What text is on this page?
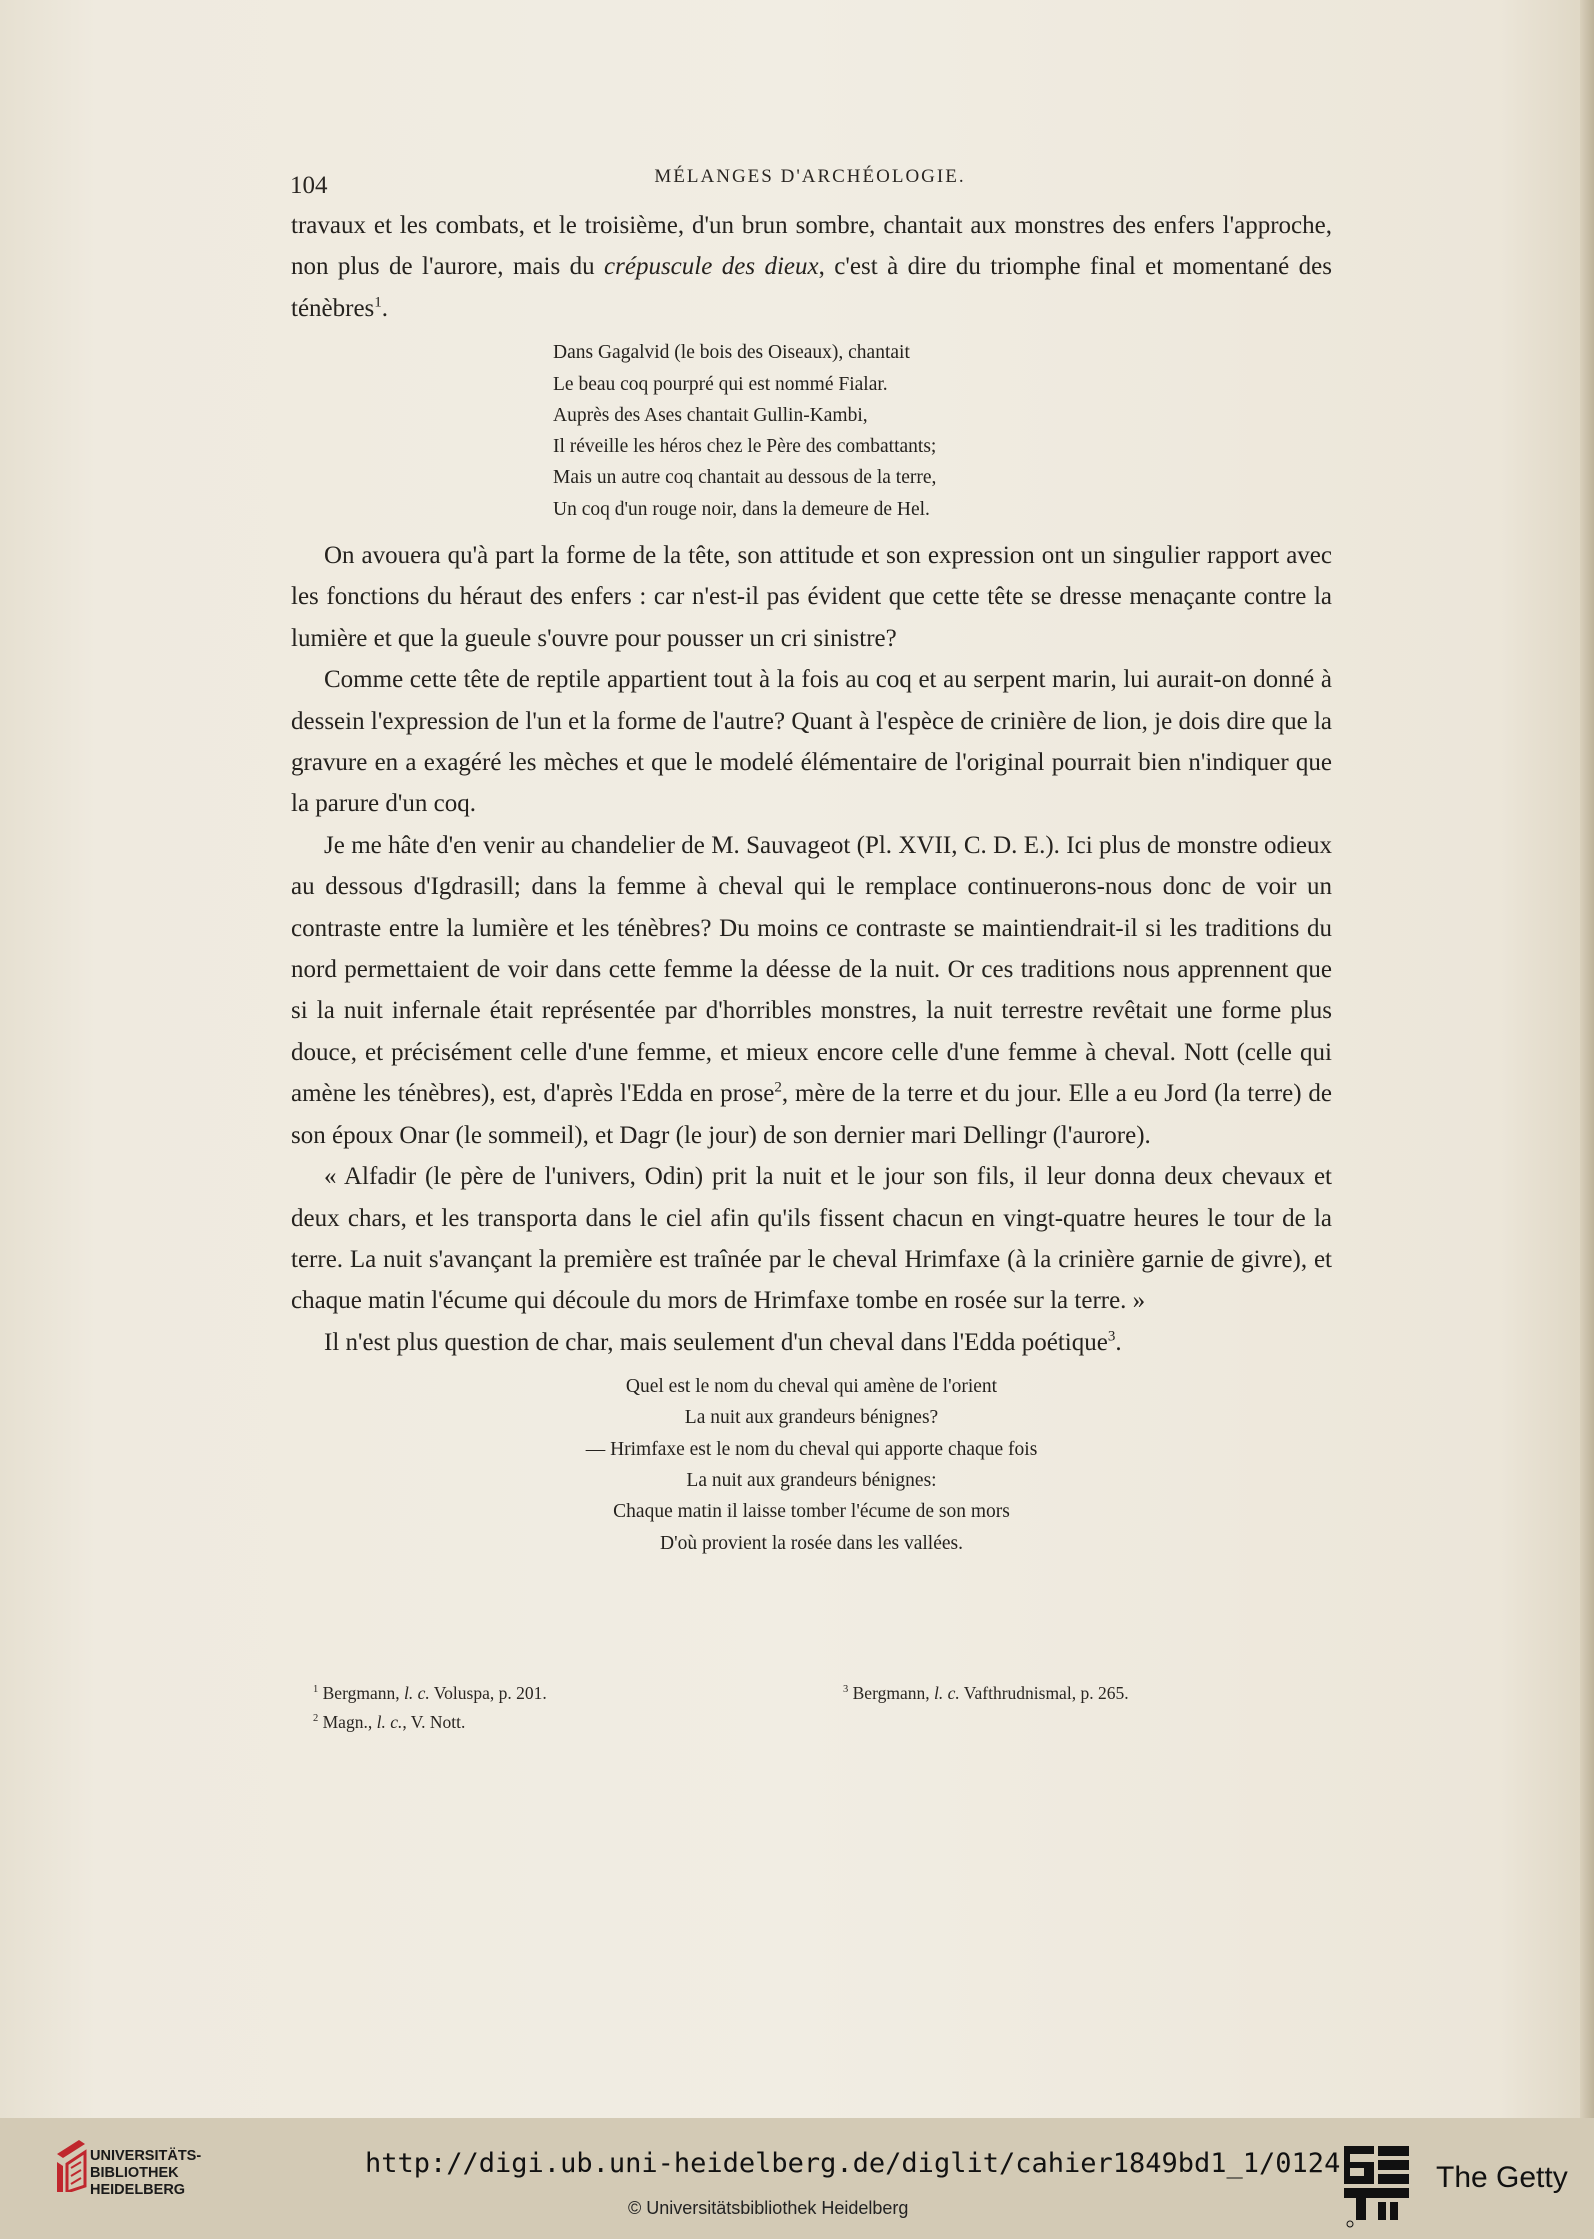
104	MÉLANGES D'ARCHÉOLOGIE.

travaux et les combats, et le troisième, d'un brun sombre, chantait aux monstres des enfers l'approche, non plus de l'aurore, mais du crépuscule des dieux, c'est à dire du triomphe final et momentané des ténèbres$^1$.

Dans Gagalvid (le bois des Oiseaux), chantait
Le beau coq pourpré qui est nommé Fialar.
Auprès des Ases chantait Gullin-Kambi,
Il réveille les héros chez le Père des combattants;
Mais un autre coq chantait au dessous de la terre,
Un coq d'un rouge noir, dans la demeure de Hel.

On avouera qu'à part la forme de la tête, son attitude et son expression ont un singulier rapport avec les fonctions du héraut des enfers : car n'est-il pas évident que cette tête se dresse menaçante contre la lumière et que la gueule s'ouvre pour pousser un cri sinistre?

Comme cette tête de reptile appartient tout à la fois au coq et au serpent marin, lui aurait-on donné à dessein l'expression de l'un et la forme de l'autre? Quant à l'espèce de crinière de lion, je dois dire que la gravure en a exagéré les mèches et que le modelé élémentaire de l'original pourrait bien n'indiquer que la parure d'un coq.

Je me hâte d'en venir au chandelier de M. Sauvageot (Pl. XVII, C. D. E.). Ici plus de monstre odieux au dessous d'Igdrasill; dans la femme à cheval qui le remplace continuerons-nous donc de voir un contraste entre la lumière et les ténèbres? Du moins ce contraste se maintiendrait-il si les traditions du nord permettaient de voir dans cette femme la déesse de la nuit. Or ces traditions nous apprennent que si la nuit infernale était représentée par d'horribles monstres, la nuit terrestre revêtait une forme plus douce, et précisément celle d'une femme, et mieux encore celle d'une femme à cheval. Nott (celle qui amène les ténèbres), est, d'après l'Edda en prose$^2$, mère de la terre et du jour. Elle a eu Jord (la terre) de son époux Onar (le sommeil), et Dagr (le jour) de son dernier mari Dellingr (l'aurore).

« Alfadir (le père de l'univers, Odin) prit la nuit et le jour son fils, il leur donna deux chevaux et deux chars, et les transporta dans le ciel afin qu'ils fissent chacun en vingt-quatre heures le tour de la terre. La nuit s'avançant la première est traînée par le cheval Hrimfaxe (à la crinière garnie de givre), et chaque matin l'écume qui découle du mors de Hrimfaxe tombe en rosée sur la terre. »

Il n'est plus question de char, mais seulement d'un cheval dans l'Edda poétique$^3$.

Quel est le nom du cheval qui amène de l'orient
La nuit aux grandeurs bénignes?
— Hrimfaxe est le nom du cheval qui apporte chaque fois
La nuit aux grandeurs bénignes:
Chaque matin il laisse tomber l'écume de son mors
D'où provient la rosée dans les vallées.
$^1$ Bergmann, l. c. Voluspa, p. 201.
$^2$ Magn., l. c., V. Nott.
$^3$ Bergmann, l. c. Vafthrudnismal, p. 265.
UNIVERSITÄTS-
BIBLIOTHEK
HEIDELBERG
http://digi.ub.uni-heidelberg.de/diglit/cahier1849bd1_1/0124
© Universitätsbibliothek Heidelberg
The Getty
